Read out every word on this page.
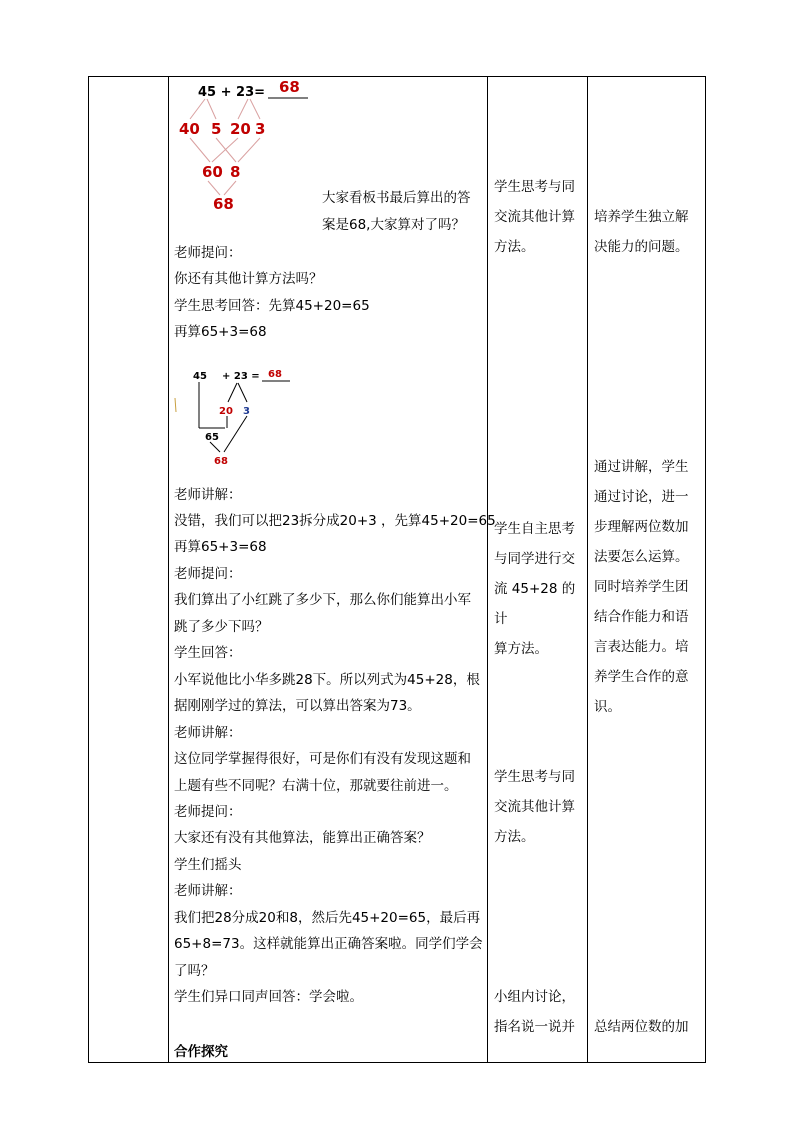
45 + 23= 68
40 5 20 3
60 8
68	大家看板书最后算出的答
案是68,大家算对了吗？
老师提问：
你还有其他计算方法吗？
学生思考回答：先算45+20=65
再算65+3=68
45 + 23 = 68
20 3
65
68
老师讲解：
没错，我们可以把23拆分成20+3 ，先算45+20=65
再算65+3=68
老师提问：
我们算出了小红跳了多少下，那么你们能算出小军
跳了多少下吗？
学生回答：
小军说他比小华多跳28下。所以列式为45+28，根
据刚刚学过的算法，可以算出答案为73。
老师讲解：
这位同学掌握得很好，可是你们有没有发现这题和
上题有些不同呢？右满十位，那就要往前进一。
老师提问：
大家还有没有其他算法，能算出正确答案？
学生们摇头
老师讲解：
我们把28分成20和8，然后先45+20=65，最后再
65+8=73。这样就能算出正确答案啦。同学们学会
了吗？
学生们异口同声回答：学会啦。
合作探究
学生思考与同
交流其他计算
方法。
学生自主思考
与同学进行交
流 45+28 的计
算方法。
学生思考与同
交流其他计算
方法。
小组内讨论，
指名说一说并
培养学生独立解
决能力的问题。
通过讲解，学生
通过讨论，进一
步理解两位数加
法要怎么运算。
同时培养学生团
结合作能力和语
言表达能力。培
养学生合作的意
识。
总结两位数的加
